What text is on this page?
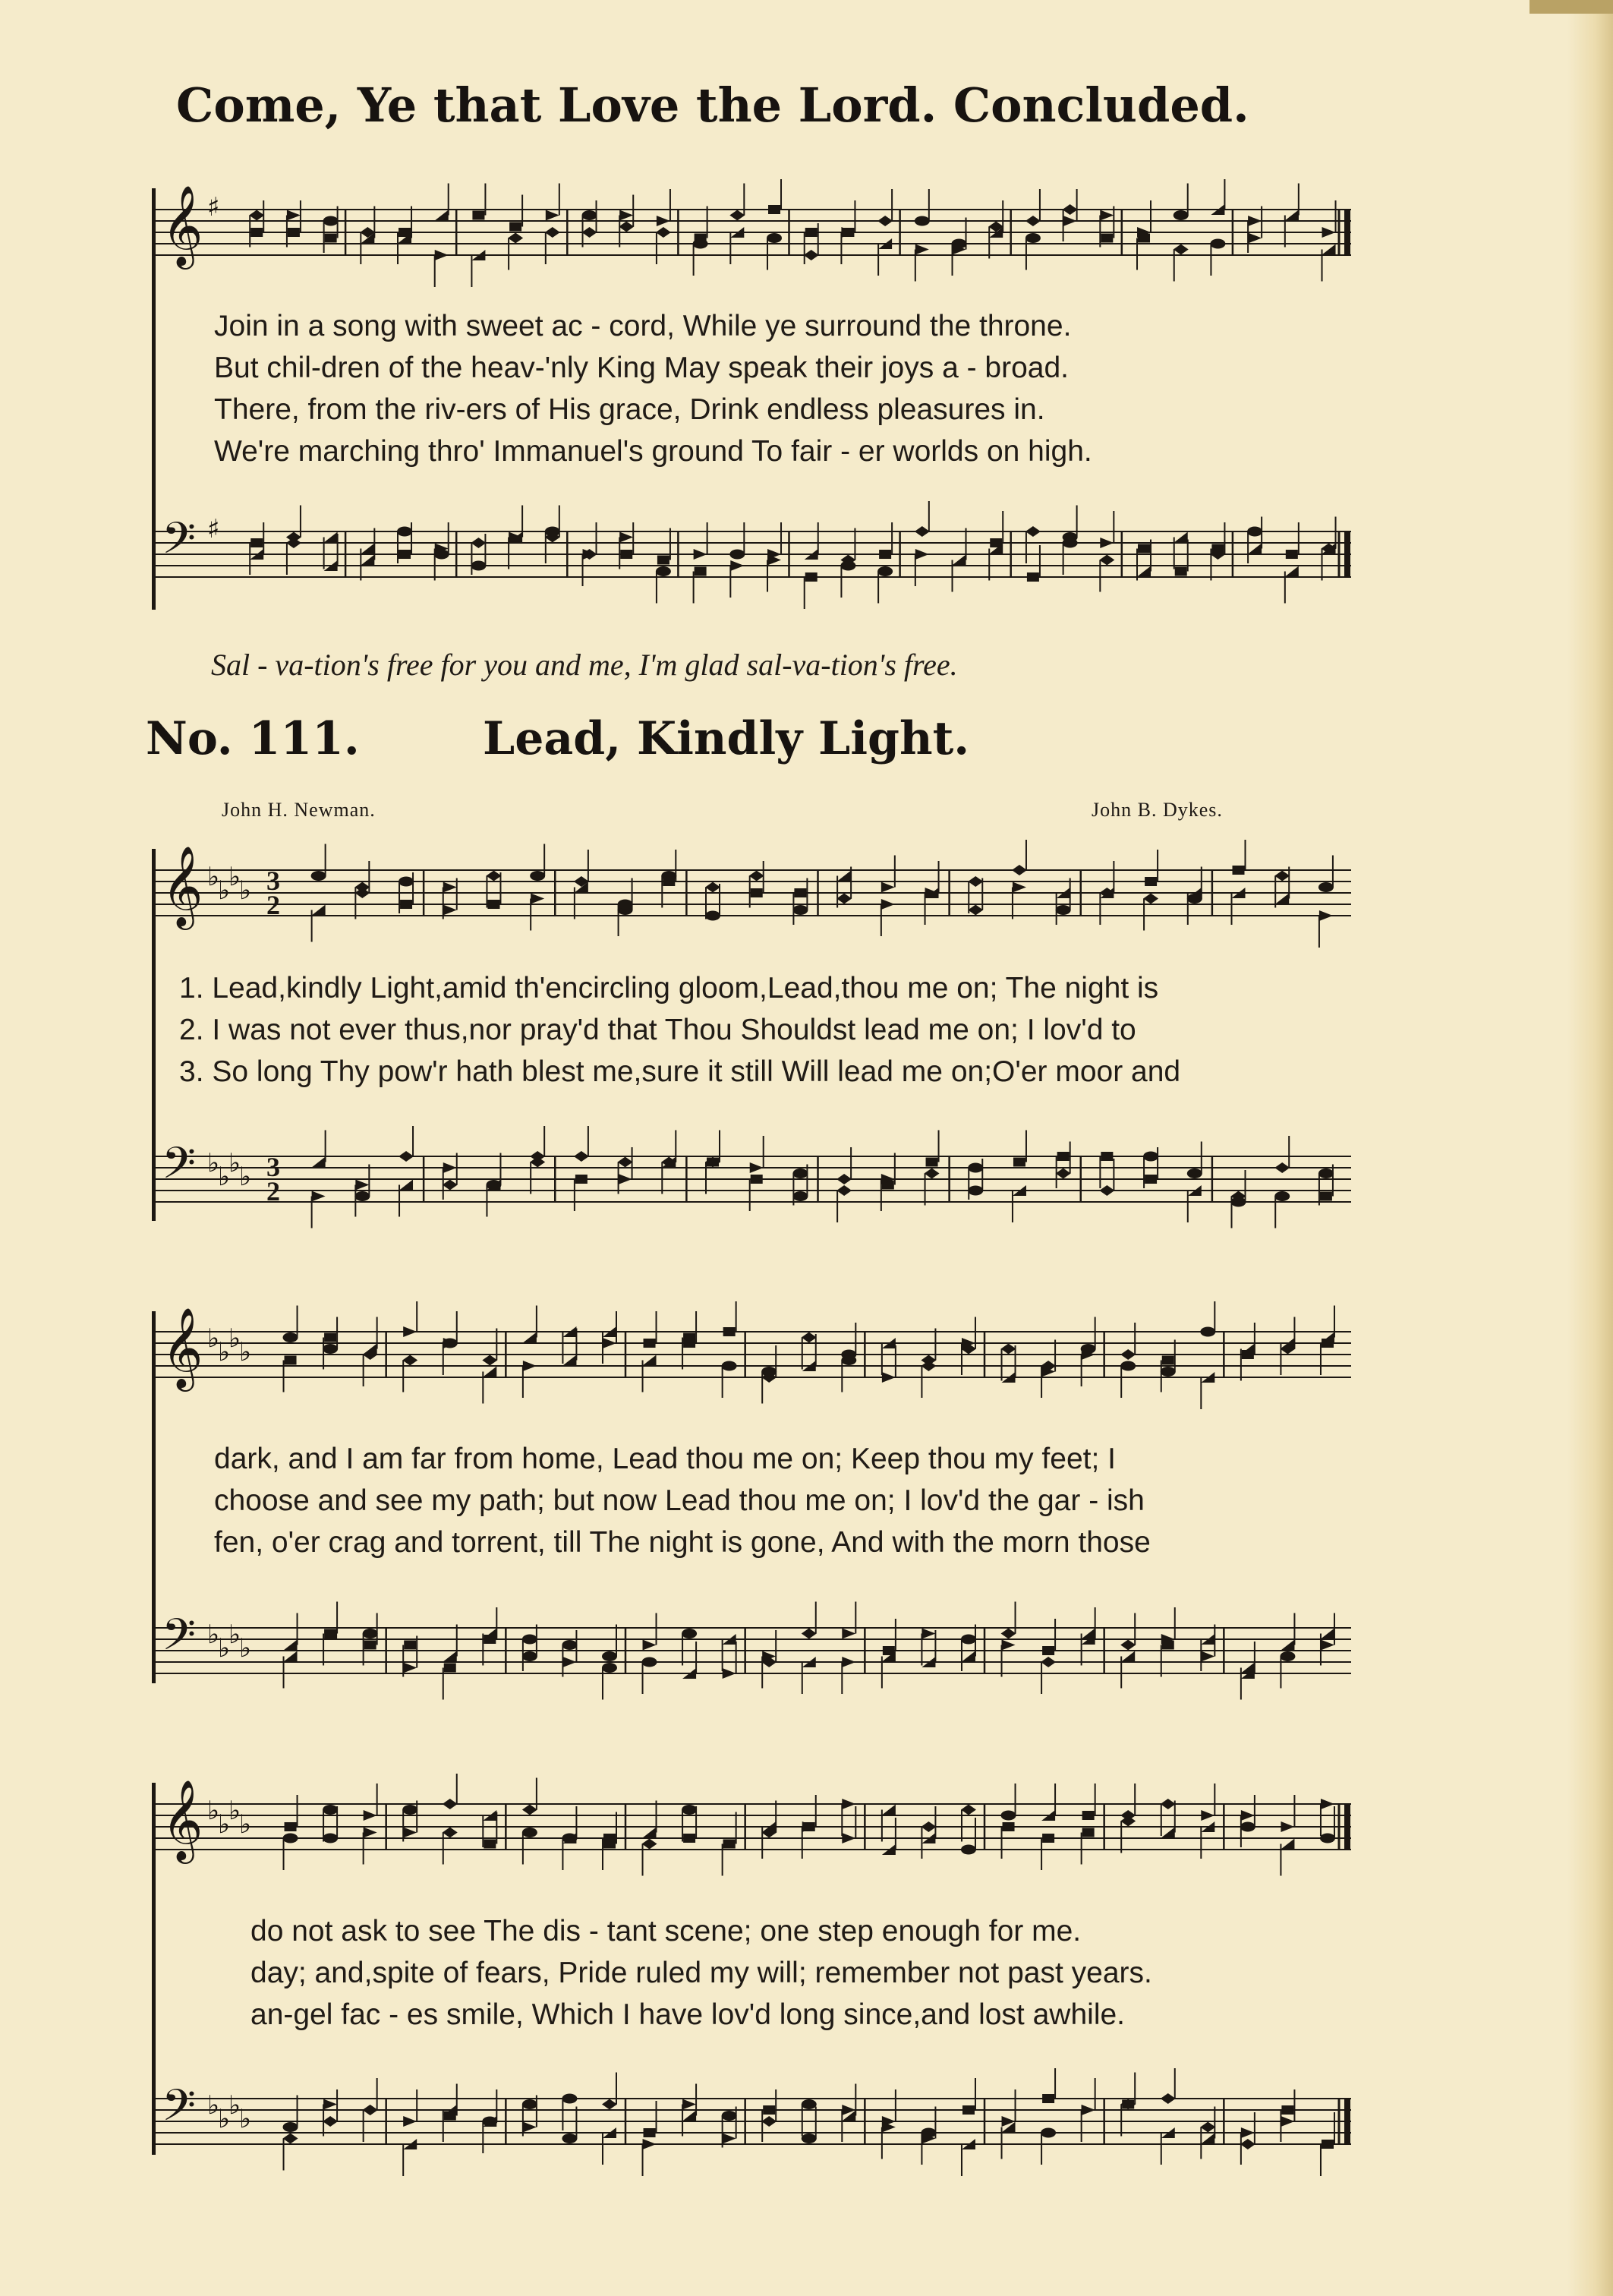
Come, Ye that Love the Lord. Concluded.
𝄞 ♯
𝄢 ♯
Join in a song with sweet ac - cord, While ye surround the throne.
But chil-dren of the heav-'nly King May speak their joys a - broad.
There, from the riv-ers of His grace, Drink endless pleasures in.
We're marching thro' Immanuel's ground To fair - er worlds on high.
Sal - va-tion's free for you and me, I'm glad sal-va-tion's free.
No. 111.	Lead, Kindly Light.
John H. Newman.	John B. Dykes.
𝄞 ♭
♭
♭
♭ 3
2
𝄢 ♭
♭
♭
♭ 3
2
1. Lead,kindly Light,amid th'encircling gloom,Lead,thou me on; The night is
2. I was not ever thus,nor pray'd that Thou Shouldst lead me on; I lov'd to
3. So long Thy pow'r hath blest me,sure it still Will lead me on;O'er moor and
𝄞 ♭
♭
♭
♭
𝄢 ♭
♭
♭
♭
dark, and I am far from home, Lead thou me on; Keep thou my feet; I
choose and see my path; but now Lead thou me on; I lov'd the gar - ish
fen, o'er crag and torrent, till The night is gone, And with the morn those
𝄞 ♭
♭
♭
♭
𝄢 ♭
♭
♭
♭
do not ask to see The dis - tant scene; one step enough for me.
day; and,spite of fears, Pride ruled my will; remember not past years.
an-gel fac - es smile, Which I have lov'd long since,and lost awhile.
